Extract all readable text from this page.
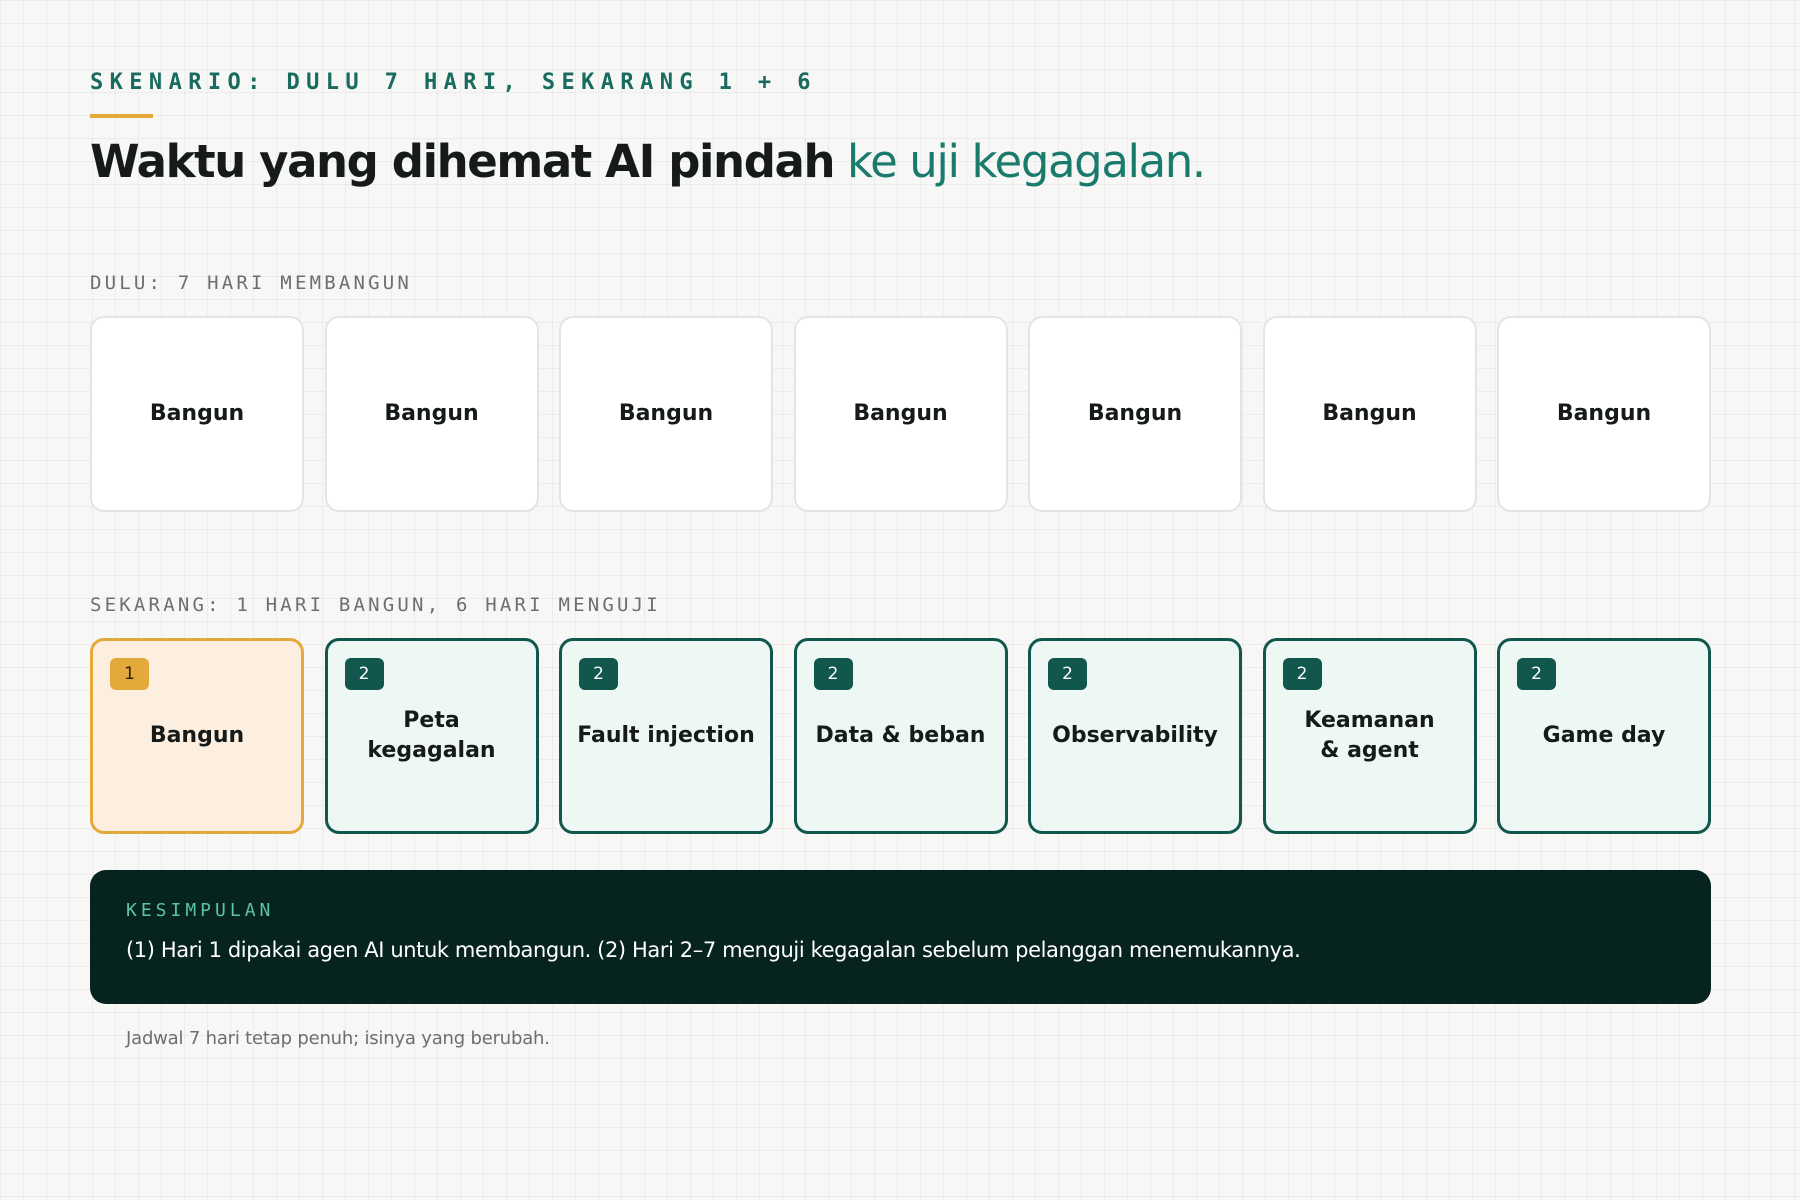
SKENARIO: DULU 7 HARI, SEKARANG 1 + 6
Waktu yang dihemat AI pindah ke uji kegagalan.
DULU: 7 HARI MEMBANGUN
Bangun	Bangun	Bangun	Bangun	Bangun	Bangun	Bangun
SEKARANG: 1 HARI BANGUN, 6 HARI MENGUJI
1
Bangun
2
Peta kegagalan
2
Fault injection
2
Data & beban
2
Observability
2
Keamanan
& agent
2
Game day
KESIMPULAN
(1) Hari 1 dipakai agen AI untuk membangun. (2) Hari 2–7 menguji kegagalan sebelum pelanggan menemukannya.
Jadwal 7 hari tetap penuh; isinya yang berubah.
